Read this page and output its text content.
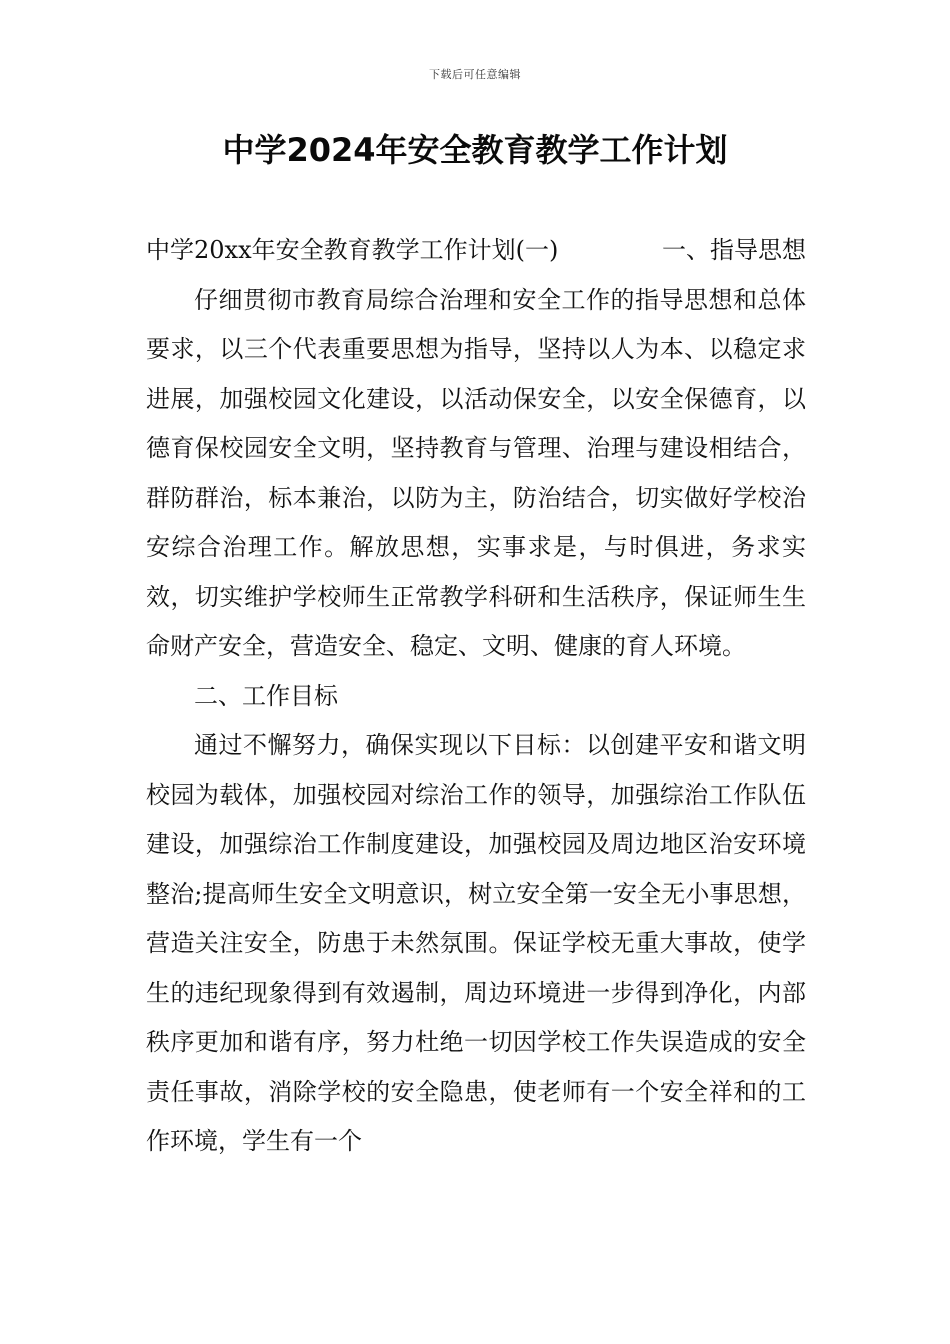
下载后可任意编辑
中学2024年安全教育教学工作计划

中学20xx年安全教育教学工作计划(一)	一、指导思想

仔细贯彻市教育局综合治理和安全工作的指导思想和总体要求，以三个代表重要思想为指导，坚持以人为本、以稳定求进展，加强校园文化建设，以活动保安全，以安全保德育，以德育保校园安全文明，坚持教育与管理、治理与建设相结合，群防群治，标本兼治，以防为主，防治结合，切实做好学校治安综合治理工作。解放思想，实事求是，与时俱进，务求实效，切实维护学校师生正常教学科研和生活秩序，保证师生生命财产安全，营造安全、稳定、文明、健康的育人环境。

二、工作目标

通过不懈努力，确保实现以下目标：以创建平安和谐文明校园为载体，加强校园对综治工作的领导，加强综治工作队伍建设，加强综治工作制度建设，加强校园及周边地区治安环境整治;提高师生安全文明意识，树立安全第一安全无小事思想，营造关注安全，防患于未然氛围。保证学校无重大事故，使学生的违纪现象得到有效遏制，周边环境进一步得到净化，内部秩序更加和谐有序，努力杜绝一切因学校工作失误造成的安全责任事故，消除学校的安全隐患，使老师有一个安全祥和的工作环境，学生有一个
